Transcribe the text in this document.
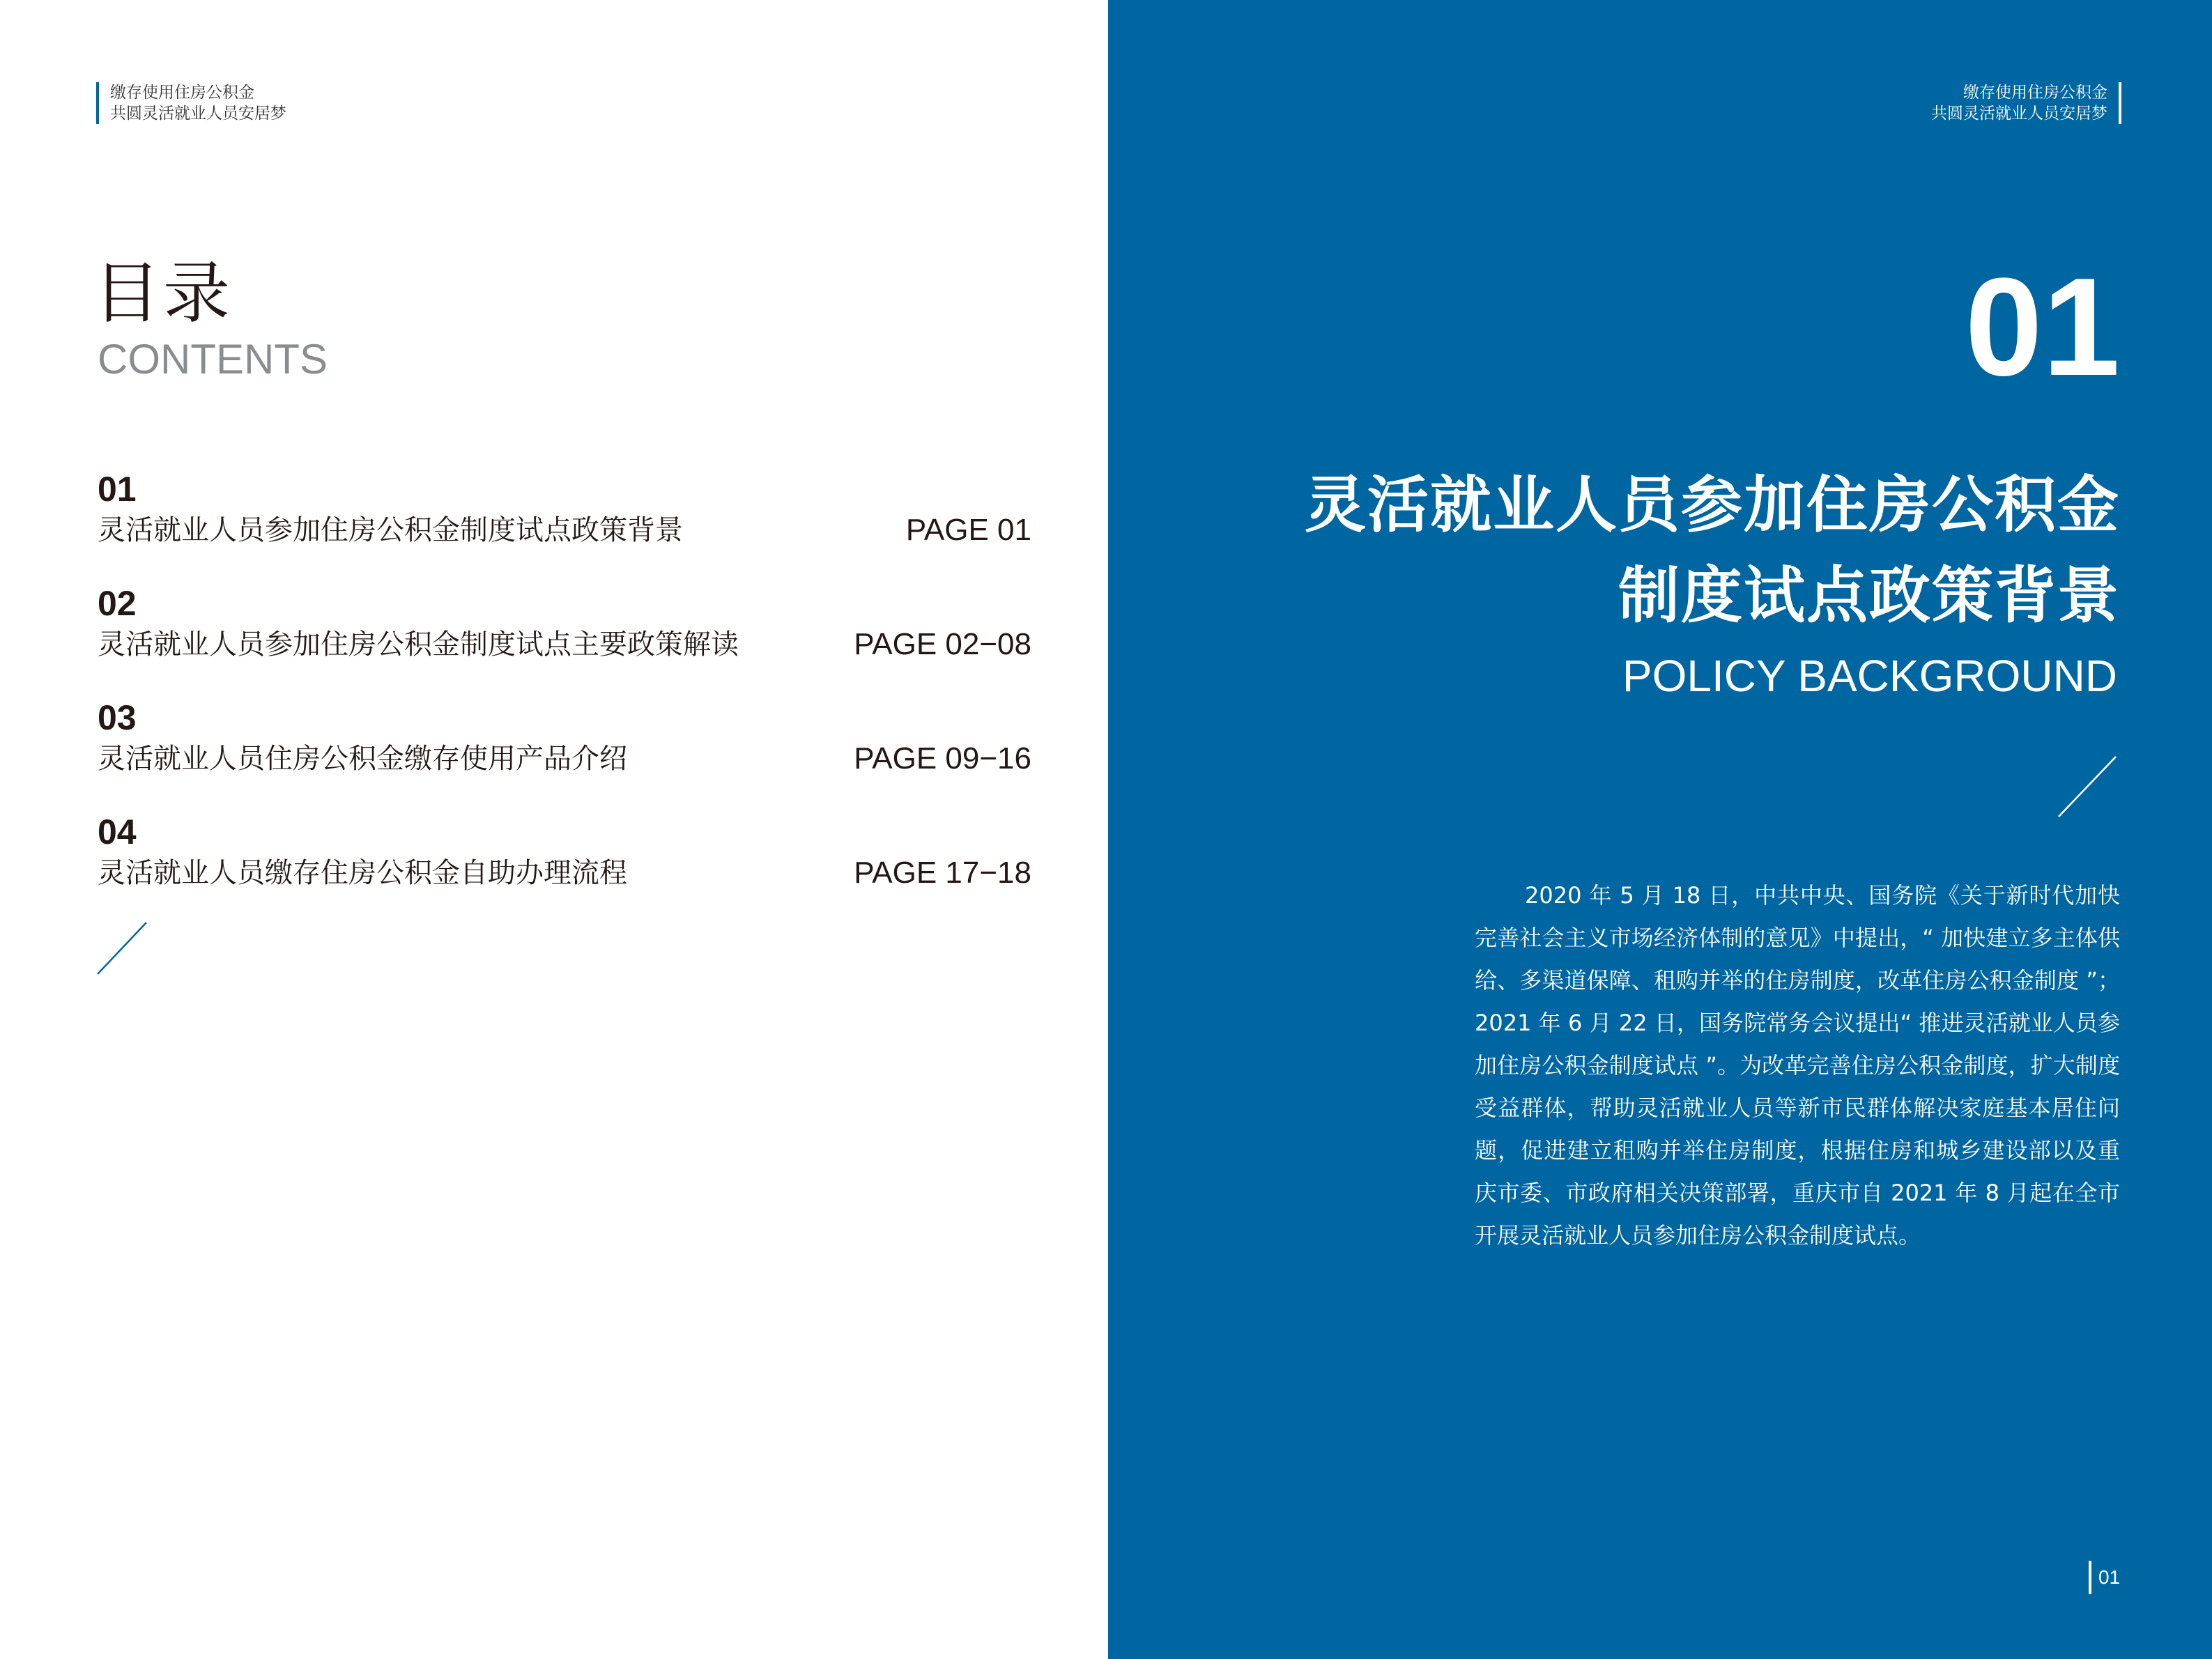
缴存使用住房公积金
共圆灵活就业人员安居梦
目录
CONTENTS
01
灵活就业人员参加住房公积金制度试点政策背景	PAGE 01
02
灵活就业人员参加住房公积金制度试点主要政策解读	PAGE 02−08
03
灵活就业人员住房公积金缴存使用产品介绍	PAGE 09−16
04
灵活就业人员缴存住房公积金自助办理流程	PAGE 17−18
缴存使用住房公积金
共圆灵活就业人员安居梦
01
灵活就业人员参加住房公积金
制度试点政策背景
POLICY BACKGROUND
2020 年 5 月 18 日，中共中央、国务院《关于新时代加快
完善社会主义市场经济体制的意见》中提出，“ 加快建立多主体供
给、多渠道保障、租购并举的住房制度，改革住房公积金制度 ”；
2021 年 6 月 22 日，国务院常务会议提出“ 推进灵活就业人员参
加住房公积金制度试点 ”。为改革完善住房公积金制度，扩大制度
受益群体，帮助灵活就业人员等新市民群体解决家庭基本居住问
题，促进建立租购并举住房制度，根据住房和城乡建设部以及重
庆市委、市政府相关决策部署，重庆市自 2021 年 8 月起在全市
开展灵活就业人员参加住房公积金制度试点。
01
